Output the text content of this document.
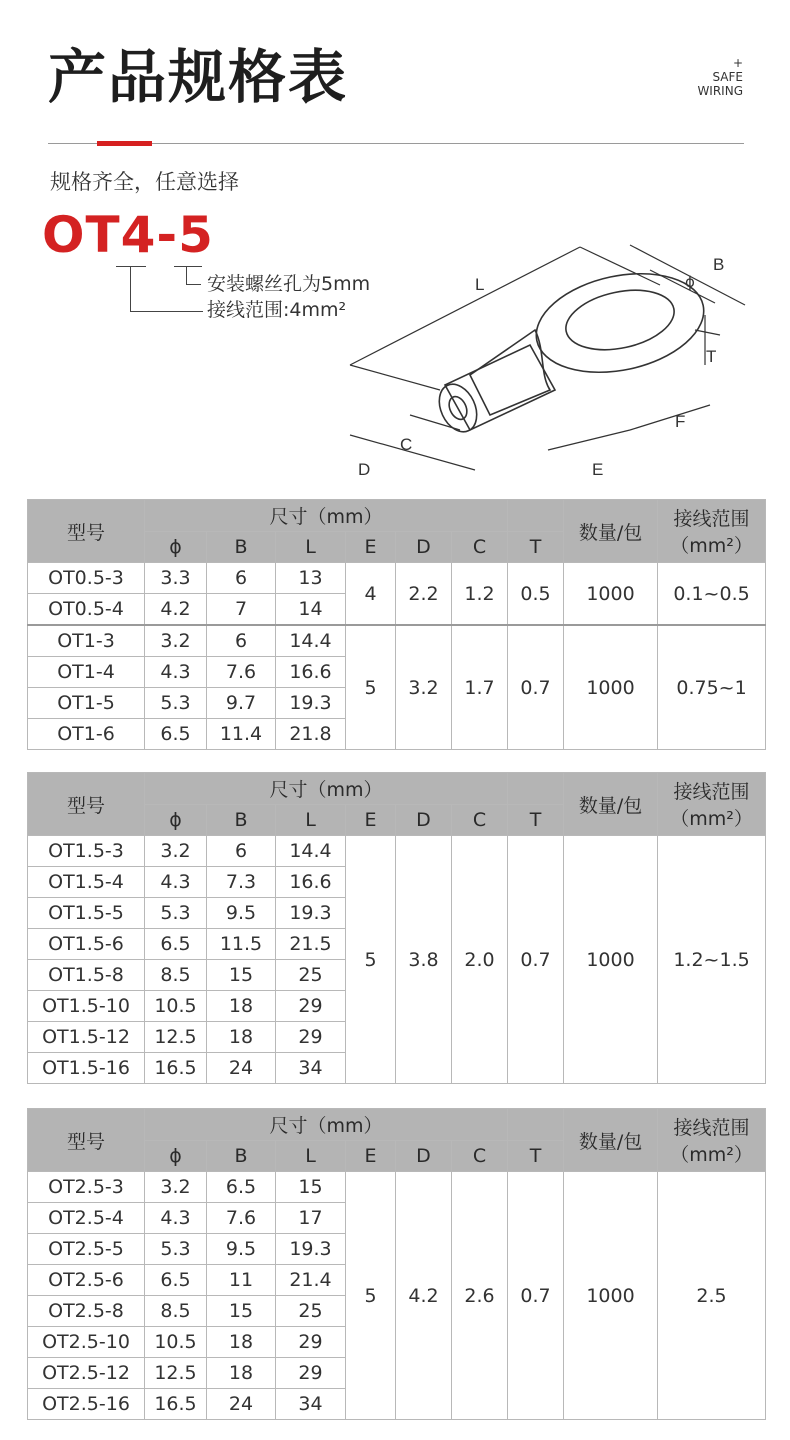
产品规格表	+
SAFE
WIRING
规格齐全，任意选择
OT4-5
安装螺丝孔为5mm
接线范围:4mm²
L
B
ϕ
T
F
E
C
D
型号	尺寸（mm）							数量/包	接线范围
（mm²）

	ϕ	B	L	E	D	C	T		
OT0.5-3	3.3	6	13	4	2.2	1.2	0.5	1000	0.1~0.5
OT0.5-4	4.2	7	14						
OT1-3	3.2	6	14.4	5	3.2	1.7	0.7	1000	0.75~1
OT1-4	4.3	7.6	16.6						
OT1-5	5.3	9.7	19.3						
OT1-6	6.5	11.4	21.8						
型号	尺寸（mm）							数量/包	接线范围
（mm²）

	ϕ	B	L	E	D	C	T		
OT1.5-3	3.2	6	14.4	5	3.8	2.0	0.7	1000	1.2~1.5
OT1.5-4	4.3	7.3	16.6						
OT1.5-5	5.3	9.5	19.3						
OT1.5-6	6.5	11.5	21.5						
OT1.5-8	8.5	15	25						
OT1.5-10	10.5	18	29						
OT1.5-12	12.5	18	29						
OT1.5-16	16.5	24	34						
型号	尺寸（mm）							数量/包	接线范围
（mm²）

	ϕ	B	L	E	D	C	T		
OT2.5-3	3.2	6.5	15	5	4.2	2.6	0.7	1000	2.5
OT2.5-4	4.3	7.6	17						
OT2.5-5	5.3	9.5	19.3						
OT2.5-6	6.5	11	21.4						
OT2.5-8	8.5	15	25						
OT2.5-10	10.5	18	29						
OT2.5-12	12.5	18	29						
OT2.5-16	16.5	24	34						
